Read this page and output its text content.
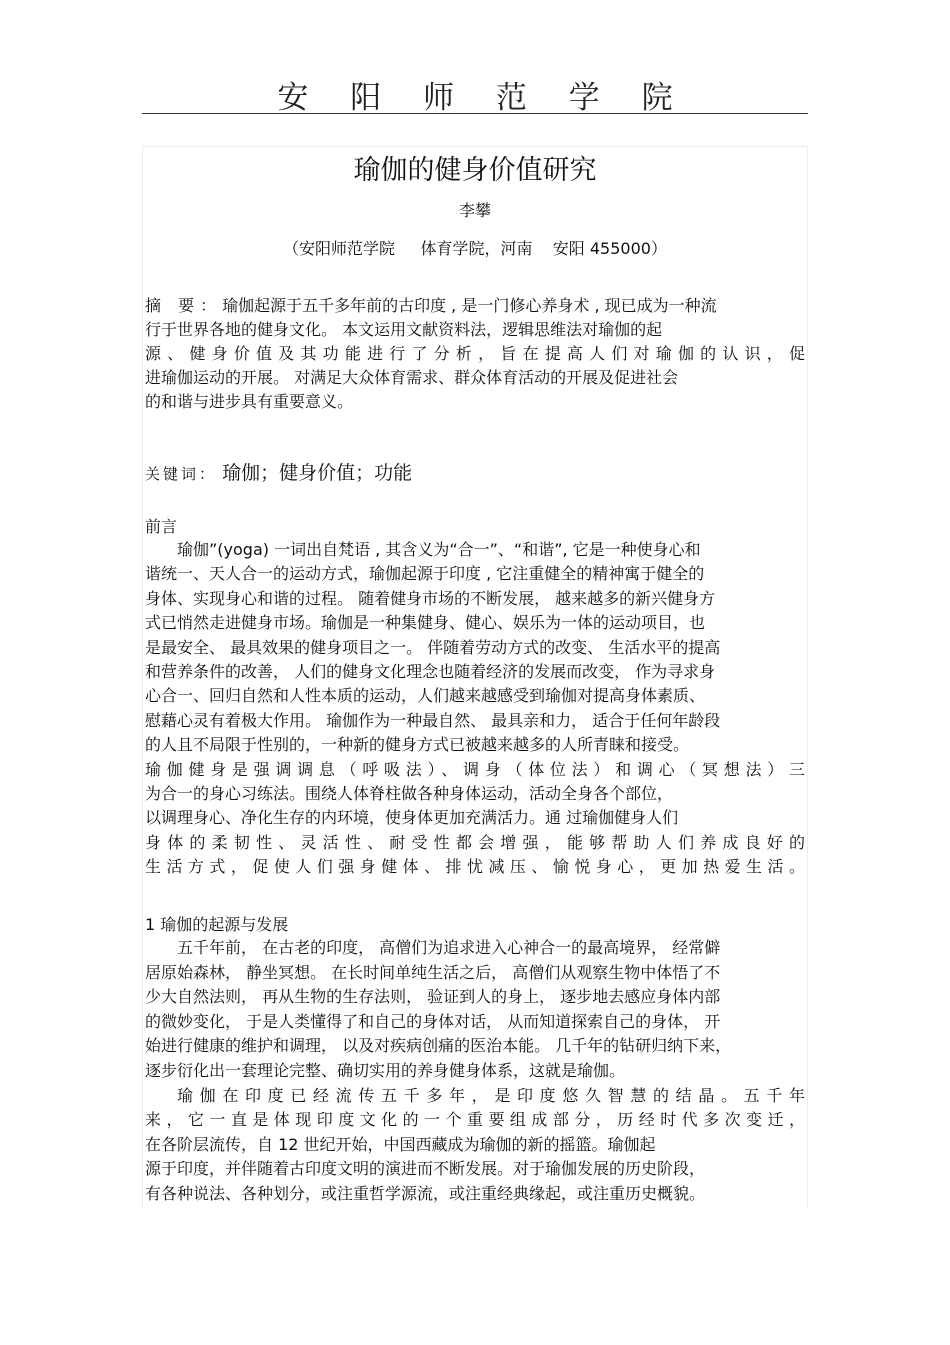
安 阳 师 范 学 院
瑜伽的健身价值研究
李攀
（安阳师范学院     体育学院，河南    安阳 455000）

摘 要：瑜伽起源于五千多年前的古印度 , 是一门修心养身术 , 现已成为一种流

行于世界各地的健身文化。 本文运用文献资料法，逻辑思维法对瑜伽的起

源、健身价值及其功能进行了分析，旨在提高人们对瑜伽的认识，促

进瑜伽运动的开展。 对满足大众体育需求、群众体育活动的开展及促进社会

的和谐与进步具有重要意义。

关键词： 瑜伽；健身价值；功能
前言

瑜伽”(yoga) 一词出自梵语 , 其含义为“合一”、“和谐”, 它是一种使身心和

谐统一、天人合一的运动方式，瑜伽起源于印度 , 它注重健全的精神寓于健全的

身体、实现身心和谐的过程。 随着健身市场的不断发展， 越来越多的新兴健身方

式已悄然走进健身市场。瑜伽是一种集健身、健心、娱乐为一体的运动项目，也

是最安全、 最具效果的健身项目之一。 伴随着劳动方式的改变、 生活水平的提高

和营养条件的改善， 人们的健身文化理念也随着经济的发展而改变， 作为寻求身

心合一、回归自然和人性本质的运动，人们越来越感受到瑜伽对提高身体素质、

慰藉心灵有着极大作用。 瑜伽作为一种最自然、 最具亲和力， 适合于任何年龄段

的人且不局限于性别的，一种新的健身方式已被越来越多的人所青睐和接受。

瑜伽健身是强调调息（呼吸法）、调身（体位法）和调心（冥想法）三

为合一的身心习练法。围绕人体脊柱做各种身体运动，活动全身各个部位，

以调理身心、净化生存的内环境，使身体更加充满活力。通 过瑜伽健身人们

身体的柔韧性、灵活性、耐受性都会增强，能够帮助人们养成良好的

生活方式，促使人们强身健体、排忧减压、愉悦身心，更加热爱生活。

1 瑜伽的起源与发展

五千年前， 在古老的印度， 高僧们为追求进入心神合一的最高境界， 经常僻

居原始森林， 静坐冥想。 在长时间单纯生活之后， 高僧们从观察生物中体悟了不

少大自然法则， 再从生物的生存法则， 验证到人的身上， 逐步地去感应身体内部

的微妙变化， 于是人类懂得了和自己的身体对话， 从而知道探索自己的身体， 开

始进行健康的维护和调理， 以及对疾病创痛的医治本能。 几千年的钻研归纳下来，

逐步衍化出一套理论完整、确切实用的养身健身体系，这就是瑜伽。

瑜伽在印度已经流传五千多年，是印度悠久智慧的结晶。五千年

来，它一直是体现印度文化的一个重要组成部分，历经时代多次变迁，

在各阶层流传，自 12 世纪开始，中国西藏成为瑜伽的新的摇篮。瑜伽起

源于印度，并伴随着古印度文明的演进而不断发展。对于瑜伽发展的历史阶段，

有各种说法、各种划分，或注重哲学源流，或注重经典缘起，或注重历史概貌。
